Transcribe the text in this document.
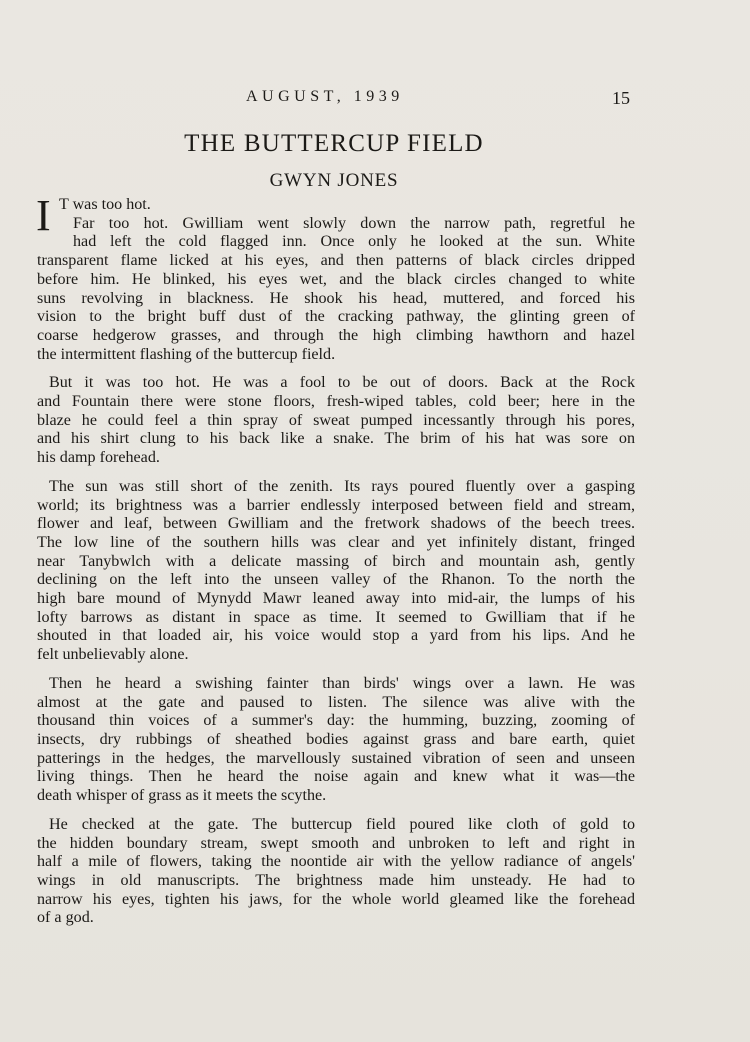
AUGUST, 1939	15
THE BUTTERCUP FIELD
GWYN JONES
I T was too hot.
Far too hot. Gwilliam went slowly down the narrow path, regretful he
had left the cold flagged inn. Once only he looked at the sun. White
transparent flame licked at his eyes, and then patterns of black circles dripped
before him. He blinked, his eyes wet, and the black circles changed to white
suns revolving in blackness. He shook his head, muttered, and forced his
vision to the bright buff dust of the cracking pathway, the glinting green of
coarse hedgerow grasses, and through the high climbing hawthorn and hazel
the intermittent flashing of the buttercup field.
But it was too hot. He was a fool to be out of doors. Back at the Rock
and Fountain there were stone floors, fresh-wiped tables, cold beer; here in the
blaze he could feel a thin spray of sweat pumped incessantly through his pores,
and his shirt clung to his back like a snake. The brim of his hat was sore on
his damp forehead.
The sun was still short of the zenith. Its rays poured fluently over a gasping
world; its brightness was a barrier endlessly interposed between field and stream,
flower and leaf, between Gwilliam and the fretwork shadows of the beech trees.
The low line of the southern hills was clear and yet infinitely distant, fringed
near Tanybwlch with a delicate massing of birch and mountain ash, gently
declining on the left into the unseen valley of the Rhanon. To the north the
high bare mound of Mynydd Mawr leaned away into mid-air, the lumps of his
lofty barrows as distant in space as time. It seemed to Gwilliam that if he
shouted in that loaded air, his voice would stop a yard from his lips. And he
felt unbelievably alone.
Then he heard a swishing fainter than birds' wings over a lawn. He was
almost at the gate and paused to listen. The silence was alive with the
thousand thin voices of a summer's day: the humming, buzzing, zooming of
insects, dry rubbings of sheathed bodies against grass and bare earth, quiet
patterings in the hedges, the marvellously sustained vibration of seen and unseen
living things. Then he heard the noise again and knew what it was—the
death whisper of grass as it meets the scythe.
He checked at the gate. The buttercup field poured like cloth of gold to
the hidden boundary stream, swept smooth and unbroken to left and right in
half a mile of flowers, taking the noontide air with the yellow radiance of angels'
wings in old manuscripts. The brightness made him unsteady. He had to
narrow his eyes, tighten his jaws, for the whole world gleamed like the forehead
of a god.
